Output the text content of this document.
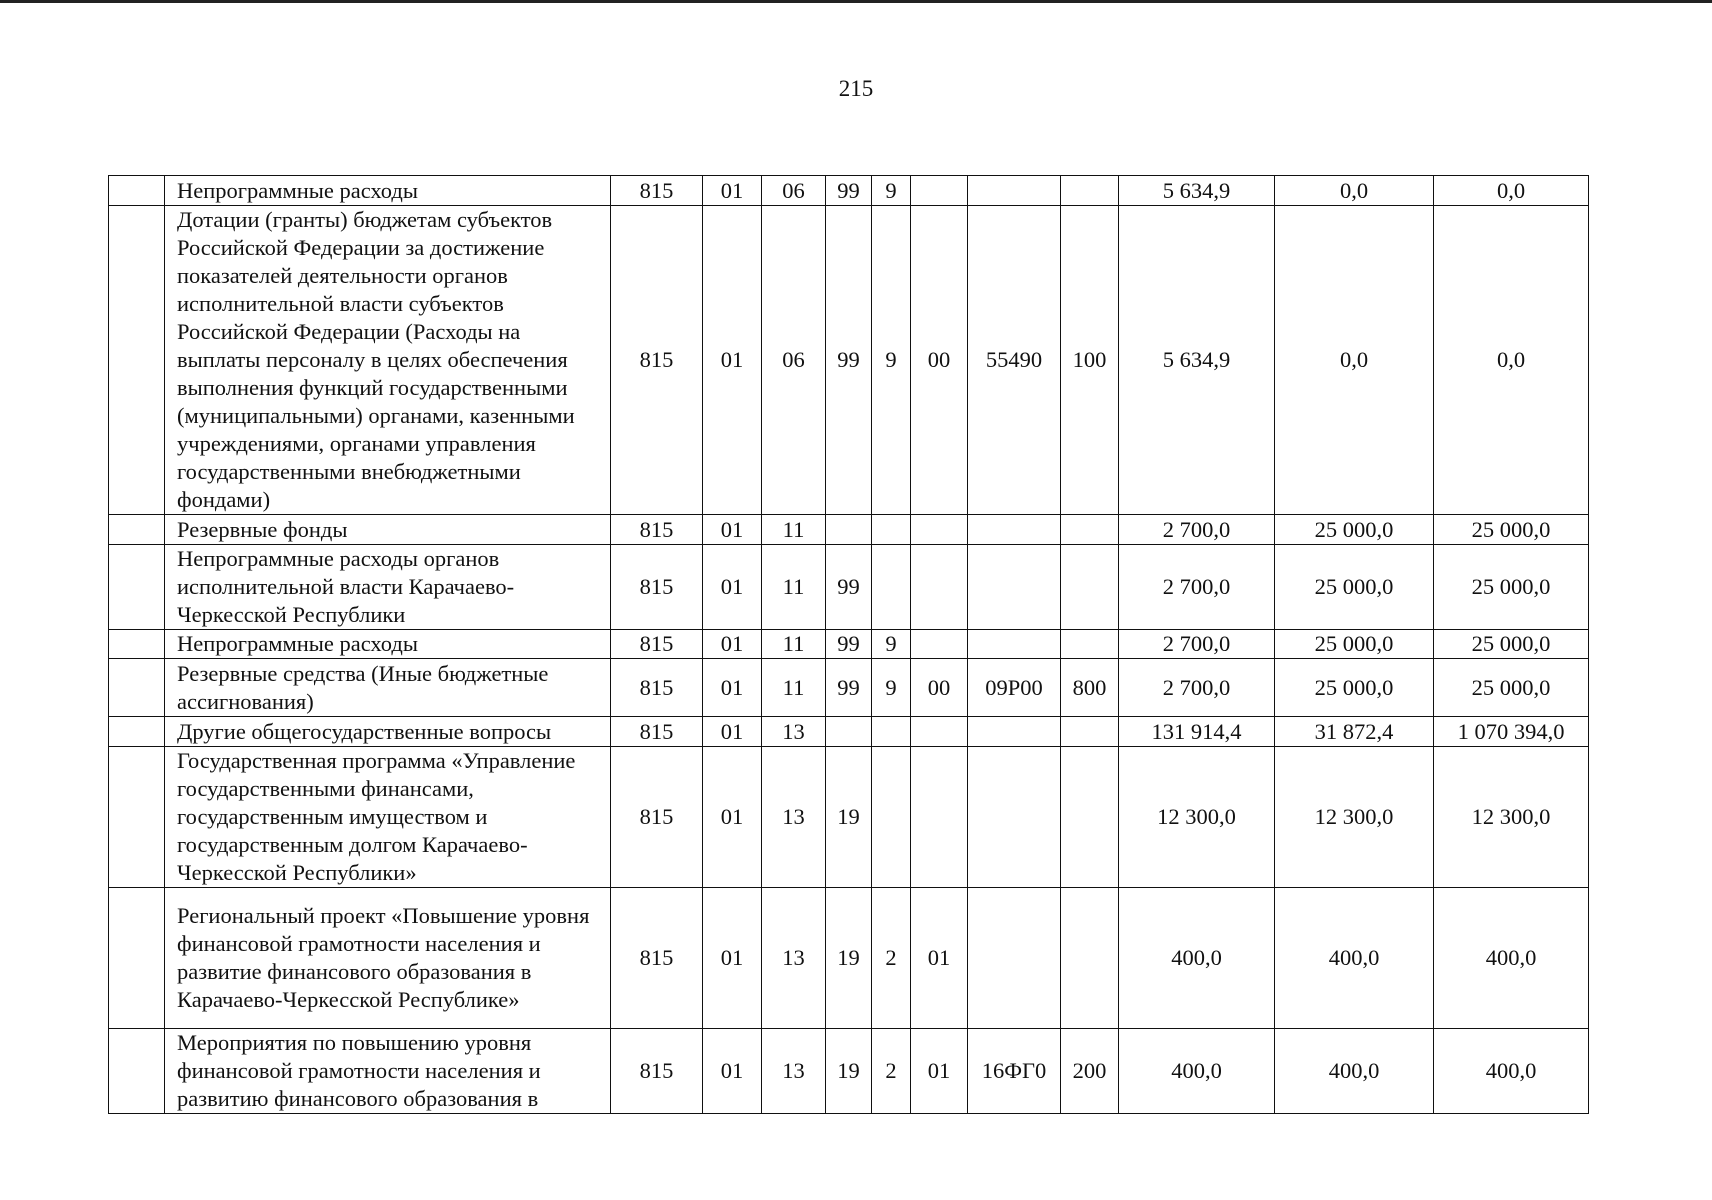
215
	Непрограммные расходы	815	01	06	99	9				5 634,9	0,0	0,0
	Дотации (гранты) бюджетам субъектов Российской Федерации за достижение показателей деятельности органов исполнительной власти субъектов Российской Федерации (Расходы на выплаты персоналу в целях обеспечения выполнения функций государственными (муниципальными) органами, казенными учреждениями, органами управления государственными внебюджетными фондами)	815	01	06	99	9	00	55490	100	5 634,9	0,0	0,0
	Резервные фонды	815	01	11						2 700,0	25 000,0	25 000,0
	Непрограммные расходы органов исполнительной власти Карачаево-Черкесской Республики	815	01	11	99					2 700,0	25 000,0	25 000,0
	Непрограммные расходы	815	01	11	99	9				2 700,0	25 000,0	25 000,0
	Резервные средства (Иные бюджетные ассигнования)	815	01	11	99	9	00	09Р00	800	2 700,0	25 000,0	25 000,0
	Другие общегосударственные вопросы	815	01	13						131 914,4	31 872,4	1 070 394,0
	Государственная программа «Управление государственными финансами, государственным имуществом и государственным долгом Карачаево-Черкесской Республики»	815	01	13	19					12 300,0	12 300,0	12 300,0
	Региональный проект «Повышение уровня финансовой грамотности населения и развитие финансового образования в Карачаево-Черкесской Республике»	815	01	13	19	2	01			400,0	400,0	400,0
	Мероприятия по повышению уровня финансовой грамотности населения и развитию финансового образования в	815	01	13	19	2	01	16ФГ0	200	400,0	400,0	400,0
